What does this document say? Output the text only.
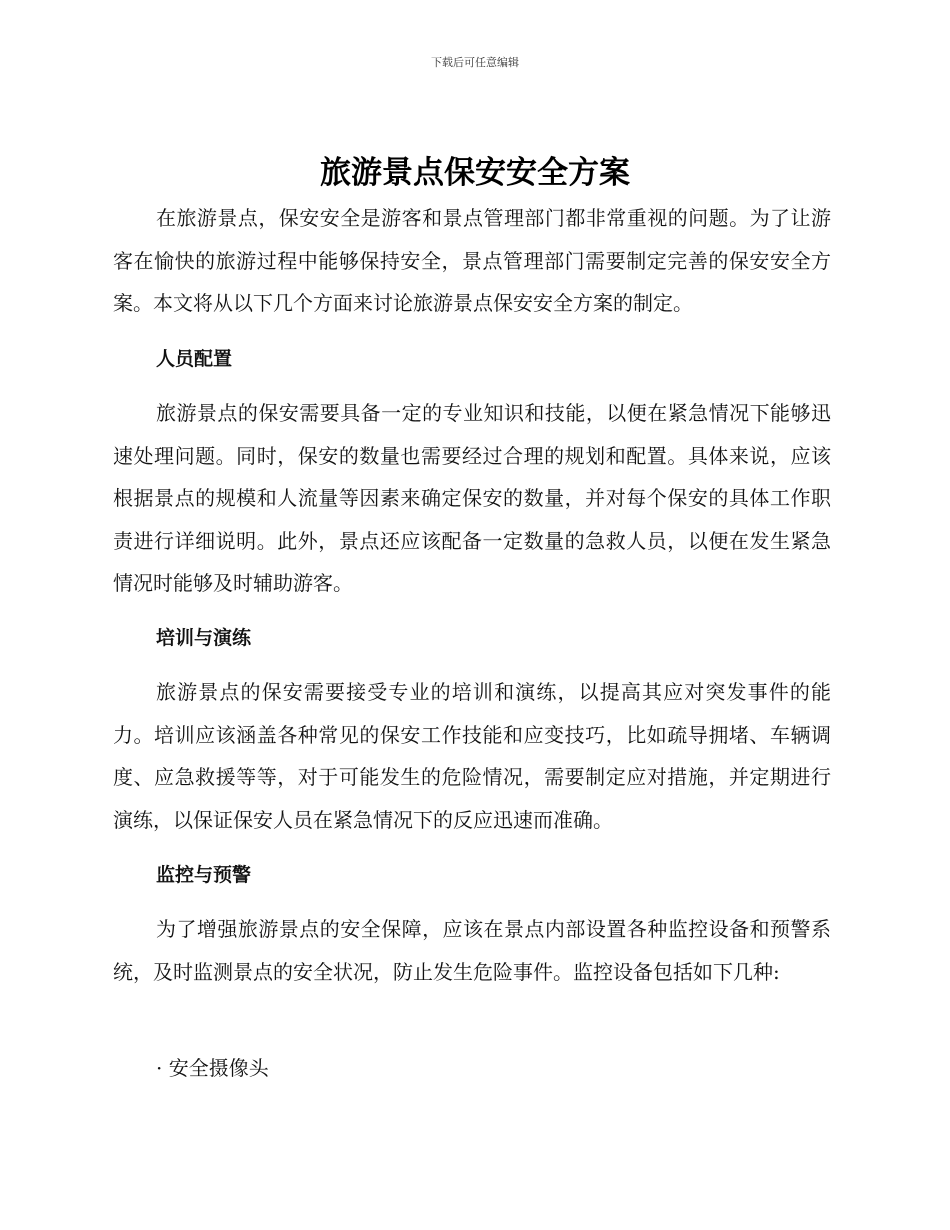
下载后可任意编辑
旅游景点保安安全方案

在旅游景点，保安安全是游客和景点管理部门都非常重视的问题。为了让游客在愉快的旅游过程中能够保持安全，景点管理部门需要制定完善的保安安全方案。本文将从以下几个方面来讨论旅游景点保安安全方案的制定。

人员配置

旅游景点的保安需要具备一定的专业知识和技能，以便在紧急情况下能够迅速处理问题。同时，保安的数量也需要经过合理的规划和配置。具体来说，应该根据景点的规模和人流量等因素来确定保安的数量，并对每个保安的具体工作职责进行详细说明。此外，景点还应该配备一定数量的急救人员，以便在发生紧急情况时能够及时辅助游客。

培训与演练

旅游景点的保安需要接受专业的培训和演练，以提高其应对突发事件的能力。培训应该涵盖各种常见的保安工作技能和应变技巧，比如疏导拥堵、车辆调度、应急救援等等，对于可能发生的危险情况，需要制定应对措施，并定期进行演练，以保证保安人员在紧急情况下的反应迅速而准确。

监控与预警

为了增强旅游景点的安全保障，应该在景点内部设置各种监控设备和预警系统，及时监测景点的安全状况，防止发生危险事件。监控设备包括如下几种:

· 安全摄像头
